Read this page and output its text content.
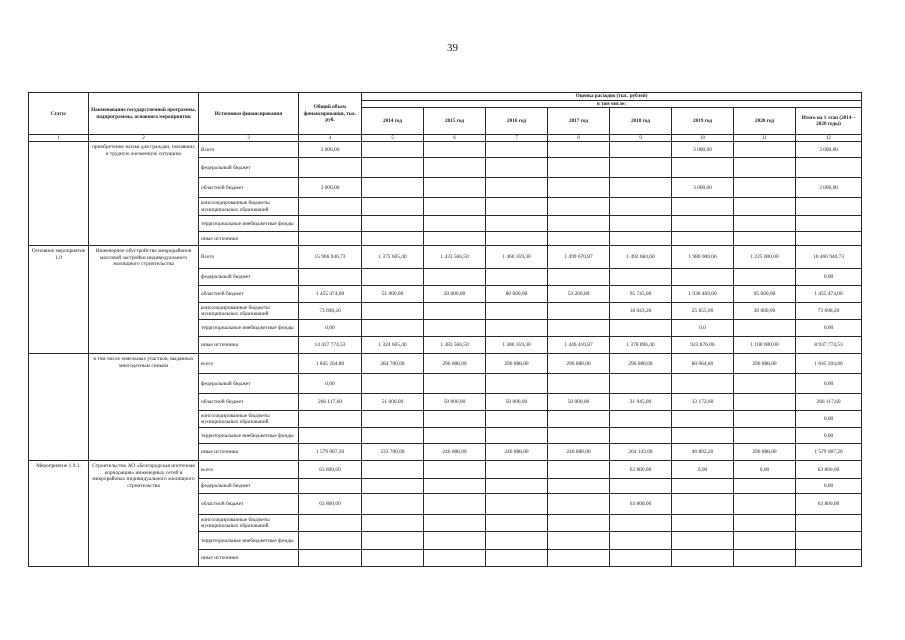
39
Статус	Наименование государственной программы, подпрограммы, основного мероприятия	Источники финансирования	Общий объем финансирования, тыс. руб.	Оценка расходов (тыс. рублей)							
				в том числе:							
				2014 год	2015 год	2016 год	2017 год	2018 год	2019 год	2020 год	Итого на 1 этап (2014 – 2020 годы)
1	2	3	4	5	6	7	8	9	10	11	12
	приобретение жилья для граждан, попавших в трудную жизненную ситуацию	Всего	3 000,00						3 000,00		3 000,00
		федеральный бюджет									
		областной бюджет	3 000,00						3 000,00		3 000,00
		консолидированные бюджеты муниципальных образований									
		территориальные внебюджетные фонды									
		иные источники									
Основное мероприятие 1.9	Инженерное обустройство микрорайонов массовой застройки индивидуального жилищного строительства	Всего	15 966 946,73	1 375 665,40	1 433 566,50	1 460 359,30	1 499 670,87	1 492 684,60	1 980 000,06	1 225 000,00	10 466 946,73
		федеральный бюджет									0,00
		областной бюджет	1 455 474,00	51 000,00	50 000,00	80 000,00	53 260,00	95 745,00	1 030 469,00	95 000,00	1 455 474,00
		консолидированные бюджеты муниципальных образований	73 698,20					18 043,20	25 655,00	30 000,00	73 698,20
		территориальные внебюджетные фонды	0,00						0,0		0,00
		иные источники	14 437 774,53	1 324 665,40	1 383 566,50	1 380 359,30	1 446 410,87	1 378 896,40	923 876,06	1 100 000,00	8 937 774,53
	в том числе земельных участков, выданных многодетным семьям	всего	1 845 204,80	284 700,00	296 088,00	296 088,00	296 088,00	296 088,00	80 064,80	296 088,00	1 845 204,80
		федеральный бюджет	0,00								0,00
		областной бюджет	266 117,60	51 000,00	50 000,00	50 000,00	50 000,00	31 945,00	33 172,60		266 117,60
		консолидированные бюджеты муниципальных образований									0,00
		территориальные внебюджетные фонды									0,00
		иные источники	1 579 087,20	233 700,00	246 088,00	246 088,00	246 088,00	264 143,00	46 892,20	296 088,00	1 579 087,20
Мероприятие 1.9.1.	Строительство АО «Белгородская ипотечная корпорация» инженерных сетей в микрорайонах индивидуального жилищного строительства	всего	63 800,00					63 800,00	0,00	0,00	63 800,00
		федеральный бюджет									0,00
		областной бюджет	63 800,00					63 800,00			63 800,00
		консолидированные бюджеты муниципальных образований									
		территориальные внебюджетные фонды									
		иные источники									
